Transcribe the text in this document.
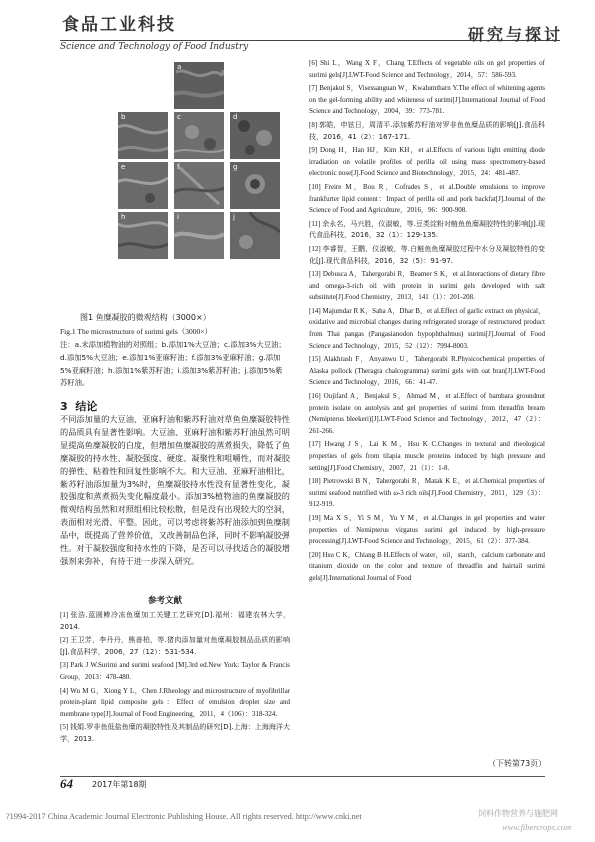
食品工业科技
Science and Technology of Food Industry
研究与探讨
a
b	c	d
e	f	g
h	i	j
图1 鱼糜凝胶的微观结构（3000×）
Fig.1 The microstructure of surimi gels（3000×）
注：a.未添加植物油的对照组；b.添加1%大豆油；c.添加3%大豆油；d.添加5%大豆油；e.添加1%亚麻籽油；f.添加3%亚麻籽油；g.添加5%亚麻籽油；h.添加1%紫苏籽油；i.添加3%紫苏籽油；j.添加5%紫苏籽油。
3 结论
不同添加量的大豆油、亚麻籽油和紫苏籽油对草鱼鱼糜凝胶特性的品质具有显著性影响。大豆油、亚麻籽油和紫苏籽油虽然可明显提高鱼糜凝胶的白度，但增加鱼糜凝胶的蒸煮损失，降低了鱼糜凝胶的持水性、凝胶强度、硬度、凝聚性和咀嚼性，而对凝胶的弹性、粘着性和回复性影响不大。和大豆油、亚麻籽油相比，紫苏籽油添加量为3%时，鱼糜凝胶持水性没有显著性变化，凝胶强度和蒸煮损失变化幅度最小。添加3%植物油的鱼糜凝胶的微观结构虽然和对照组相比较松散，但是没有出现较大的空洞，表面相对光滑、平整。因此，可以考虑将紫苏籽油添加到鱼糜制品中，既提高了营养价值，又改善制品色泽，同时不影响凝胶弹性。对于凝胶强度和持水性的下降，是否可以寻找适合的凝胶增强剂来弥补，有待于进一步深入研究。
参考文献
[1] 张浩.蓝圆鲹冷冻鱼糜加工关键工艺研究[D].福州：福建农林大学，2014.
[2] 王卫芳，李丹丹，熊善柏，等.猪肉添加量对鱼糜凝胶制品品质的影响[J].食品科学，2006，27（12）：531-534.
[3] Park J W.Surimi and surimi seafood [M].3rd ed.New York: Taylor & Francis Group，2013：478-480.
[4] Wu M G，Xiong Y L，Chen J.Rheology and microstructure of myofibrillar protein-plant lipid composite gels：Effect of emulsion droplet size and membrane type[J].Journal of Food Engineering，2011，4（106）：318-324.
[5] 钱娟.罗非鱼低盐鱼糜的凝胶特性及其制品的研究[D].上海：上海海洋大学，2013.
[6] Shi L，Wang X F，Chang T.Effects of vegetable oils on gel properties of surimi gels[J].LWT-Food Science and Technology，2014，57：586-593.
[7] Benjakul S，Visessanguan W，Kwalumtharn Y.The effect of whitening agents on the gel-forming ability and whiteness of surimi[J].International Journal of Food Science and Technology，2004，39：773-781.
[8] 郭皓，申铉日，周清平.添加紫苏籽油对罗非鱼鱼糜品质的影响[J].食品科技，2016，41（2）：167-171.
[9] Dong H，Han HJ，Kim KH，et al.Effects of various light emitting diode irradiation on volatile profiles of perilla oil using mass spectrometry-based electronic nose[J].Food Science and Biotechnology，2015，24：481-487.
[10] Freire M，Bou R，Cofrades S，et al.Double emulsions to improve frankfurter lipid content：Impact of perilla oil and pork backfat[J].Journal of the Science of Food and Agriculture，2016，96：900-908.
[11] 余永名，马兴胜，仪淑敏，等.豆类淀粉对鲢鱼鱼糜凝胶特性的影响[J].现代食品科技，2016，32（1）：129-135.
[12] 李睿智，王鹏，仪淑敏，等.白鲢鱼鱼糜凝胶过程中水分及凝胶特性的变化[J].现代食品科技，2016，32（5）：91-97.
[13] Debusca A，Tahergorabi R，Beamer S K，et al.Interactions of dietary fibre and omega-3-rich oil with protein in surimi gels developed with salt substitute[J].Food Chemistry，2013，141（1）：201-208.
[14] Majumdar R K，Saha A，Dhar B，et al.Effect of garlic extract on physical，oxidative and microbial changes during refrigerated storage of restructured product from Thai pangas (Pangasianodon hypophthalmus) surimi[J].Journal of Food Science and Technology，2015，52（12）：7994-8003.
[15] Alakhrash F，Anyanwu U，Tahergorabi R.Physicochemical properties of Alaska pollock (Theragra chalcogramma) surimi gels with oat bran[J].LWT-Food Science and Technology，2016，66：41-47.
[16] Oujifard A，Benjakul S，Ahmad M，et al.Effect of bambara groundnut protein isolate on autolysis and gel properties of surimi from threadfin bream (Nemipterus bleekeri)[J].LWT-Food Science and Technology，2012，47（2）：261-266.
[17] Hwang J S，Lai K M，Hsu K C.Changes in textural and rheological properties of gels from tilapia muscle proteins induced by high pressure and setting[J].Food Chemistry，2007，21（1）：1-8.
[18] Pietrowski B N，Tahergorabi R，Matak K E，et al.Chemical properties of surimi seafood nutrified with ω-3 rich oils[J].Food Chemistry，2011，129（3）：912-919.
[19] Ma X S，Yi S M，Yu Y M，et al.Changes in gel properties and water properties of Nemipterus virgatus surimi gel induced by high-pressure processing[J].LWT-Food Science and Technology，2015，61（2）：377-384.
[20] Hsu C K，Chiang B H.Effects of water，oil，starch，calcium carbonate and titanium dioxide on the color and texture of threadfin and hairtail surimi gels[J].International Journal of Food
（下转第73页）
64 2017年第18期
?1994-2017 China Academic Journal Electronic Publishing House. All rights reserved. http://www.cnki.net	饲料作物营养与施肥网
www.fibercrops.com
